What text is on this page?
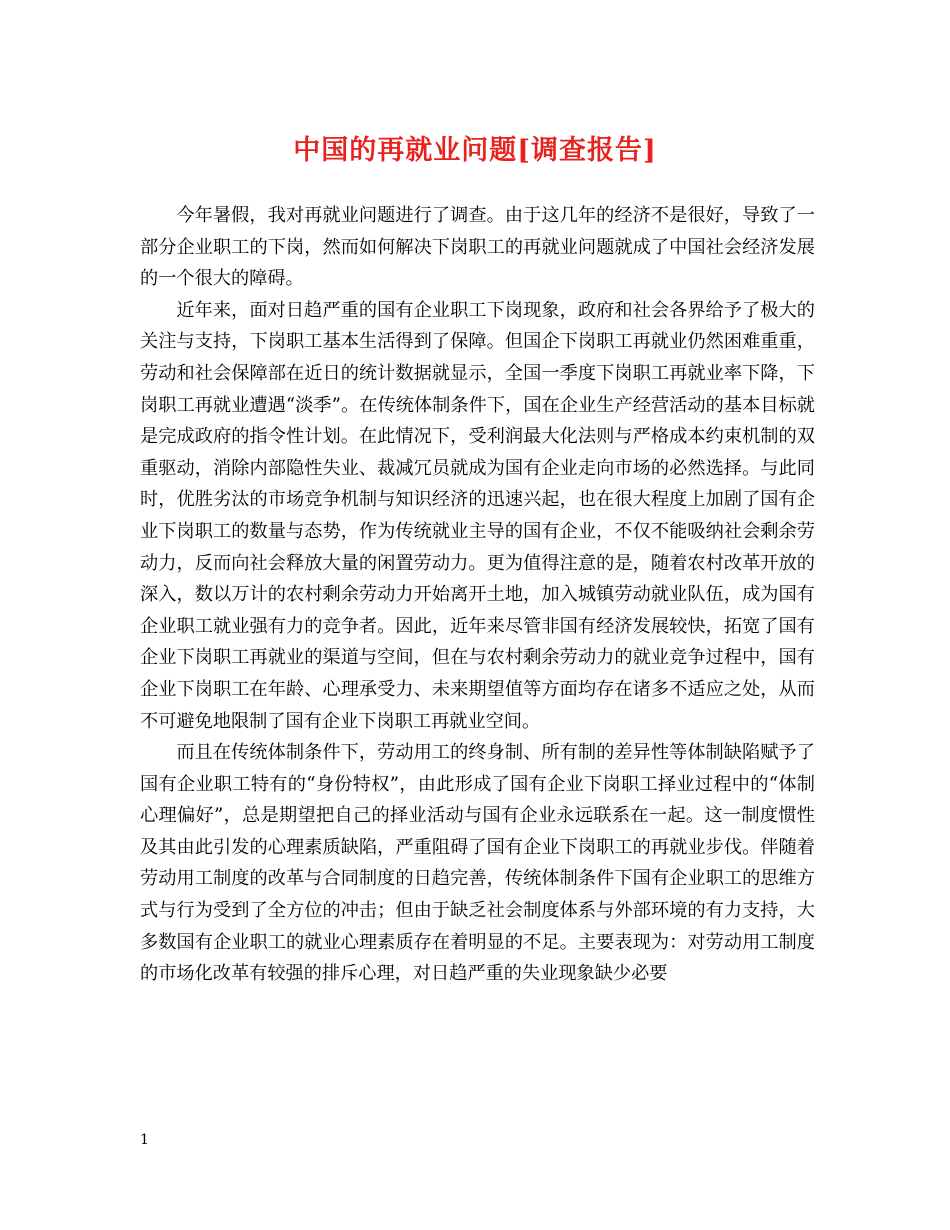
中国的再就业问题[调查报告]

今年暑假，我对再就业问题进行了调查。由于这几年的经济不是很好，导致了一部分企业职工的下岗，然而如何解决下岗职工的再就业问题就成了中国社会经济发展的一个很大的障碍。

近年来，面对日趋严重的国有企业职工下岗现象，政府和社会各界给予了极大的关注与支持，下岗职工基本生活得到了保障。但国企下岗职工再就业仍然困难重重，劳动和社会保障部在近日的统计数据就显示，全国一季度下岗职工再就业率下降，下岗职工再就业遭遇“淡季”。在传统体制条件下，国在企业生产经营活动的基本目标就是完成政府的指令性计划。在此情况下，受利润最大化法则与严格成本约束机制的双重驱动，消除内部隐性失业、裁减冗员就成为国有企业走向市场的必然选择。与此同时，优胜劣汰的市场竞争机制与知识经济的迅速兴起，也在很大程度上加剧了国有企业下岗职工的数量与态势，作为传统就业主导的国有企业，不仅不能吸纳社会剩余劳动力，反而向社会释放大量的闲置劳动力。更为值得注意的是，随着农村改革开放的深入，数以万计的农村剩余劳动力开始离开土地，加入城镇劳动就业队伍，成为国有企业职工就业强有力的竞争者。因此，近年来尽管非国有经济发展较快，拓宽了国有企业下岗职工再就业的渠道与空间，但在与农村剩余劳动力的就业竞争过程中，国有企业下岗职工在年龄、心理承受力、未来期望值等方面均存在诸多不适应之处，从而不可避免地限制了国有企业下岗职工再就业空间。

而且在传统体制条件下，劳动用工的终身制、所有制的差异性等体制缺陷赋予了国有企业职工特有的“身份特权”，由此形成了国有企业下岗职工择业过程中的“体制心理偏好”，总是期望把自己的择业活动与国有企业永远联系在一起。这一制度惯性及其由此引发的心理素质缺陷，严重阻碍了国有企业下岗职工的再就业步伐。伴随着劳动用工制度的改革与合同制度的日趋完善，传统体制条件下国有企业职工的思维方式与行为受到了全方位的冲击；但由于缺乏社会制度体系与外部环境的有力支持，大多数国有企业职工的就业心理素质存在着明显的不足。主要表现为：对劳动用工制度的市场化改革有较强的排斥心理，对日趋严重的失业现象缺少必要

1
